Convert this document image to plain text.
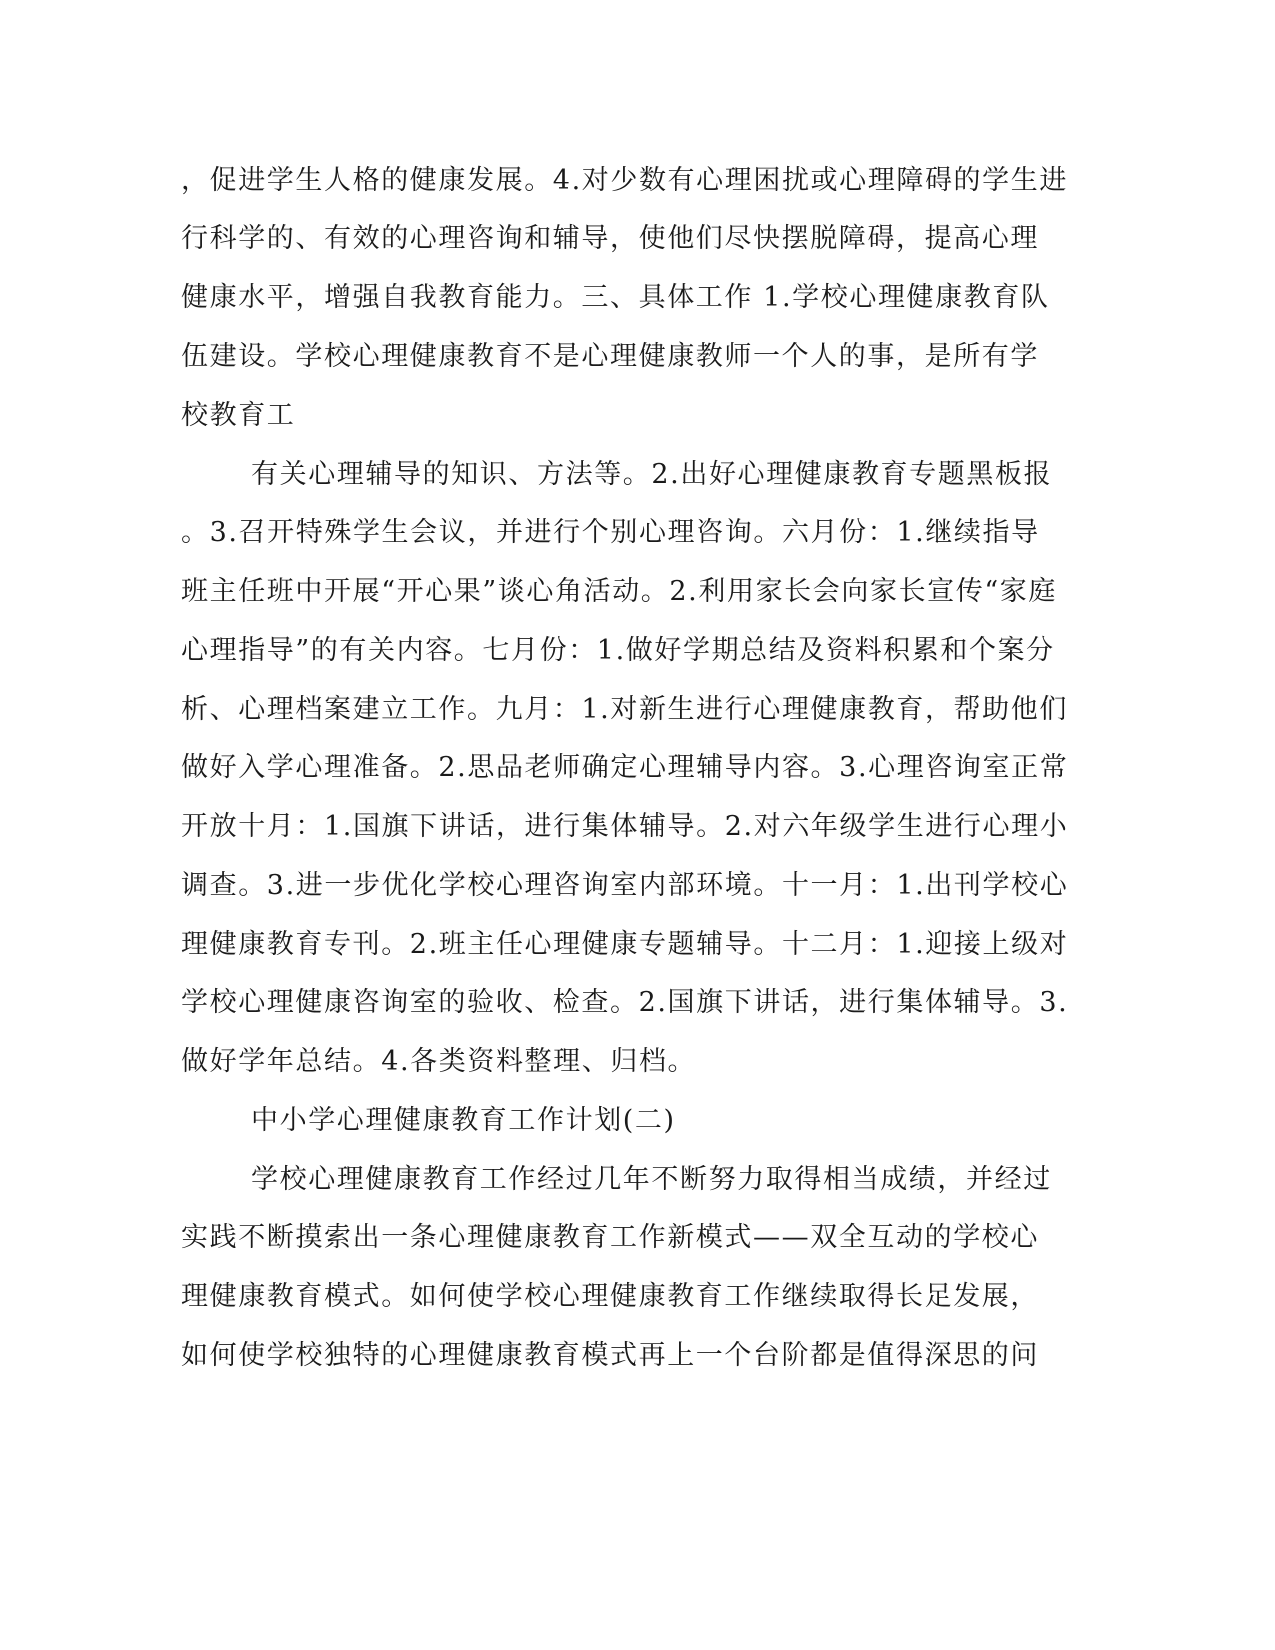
，促进学生人格的健康发展。4.对少数有心理困扰或心理障碍的学生进
行科学的、有效的心理咨询和辅导，使他们尽快摆脱障碍，提高心理
健康水平，增强自我教育能力。三、具体工作 1.学校心理健康教育队
伍建设。学校心理健康教育不是心理健康教师一个人的事，是所有学
校教育工
有关心理辅导的知识、方法等。2.出好心理健康教育专题黑板报
。3.召开特殊学生会议，并进行个别心理咨询。六月份：1.继续指导
班主任班中开展“开心果”谈心角活动。2.利用家长会向家长宣传“家庭
心理指导”的有关内容。七月份：1.做好学期总结及资料积累和个案分
析、心理档案建立工作。九月：1.对新生进行心理健康教育，帮助他们
做好入学心理准备。2.思品老师确定心理辅导内容。3.心理咨询室正常
开放十月：1.国旗下讲话，进行集体辅导。2.对六年级学生进行心理小
调查。3.进一步优化学校心理咨询室内部环境。十一月：1.出刊学校心
理健康教育专刊。2.班主任心理健康专题辅导。十二月：1.迎接上级对
学校心理健康咨询室的验收、检查。2.国旗下讲话，进行集体辅导。3.
做好学年总结。4.各类资料整理、归档。
中小学心理健康教育工作计划(二)
学校心理健康教育工作经过几年不断努力取得相当成绩，并经过
实践不断摸索出一条心理健康教育工作新模式——双全互动的学校心
理健康教育模式。如何使学校心理健康教育工作继续取得长足发展，
如何使学校独特的心理健康教育模式再上一个台阶都是值得深思的问
